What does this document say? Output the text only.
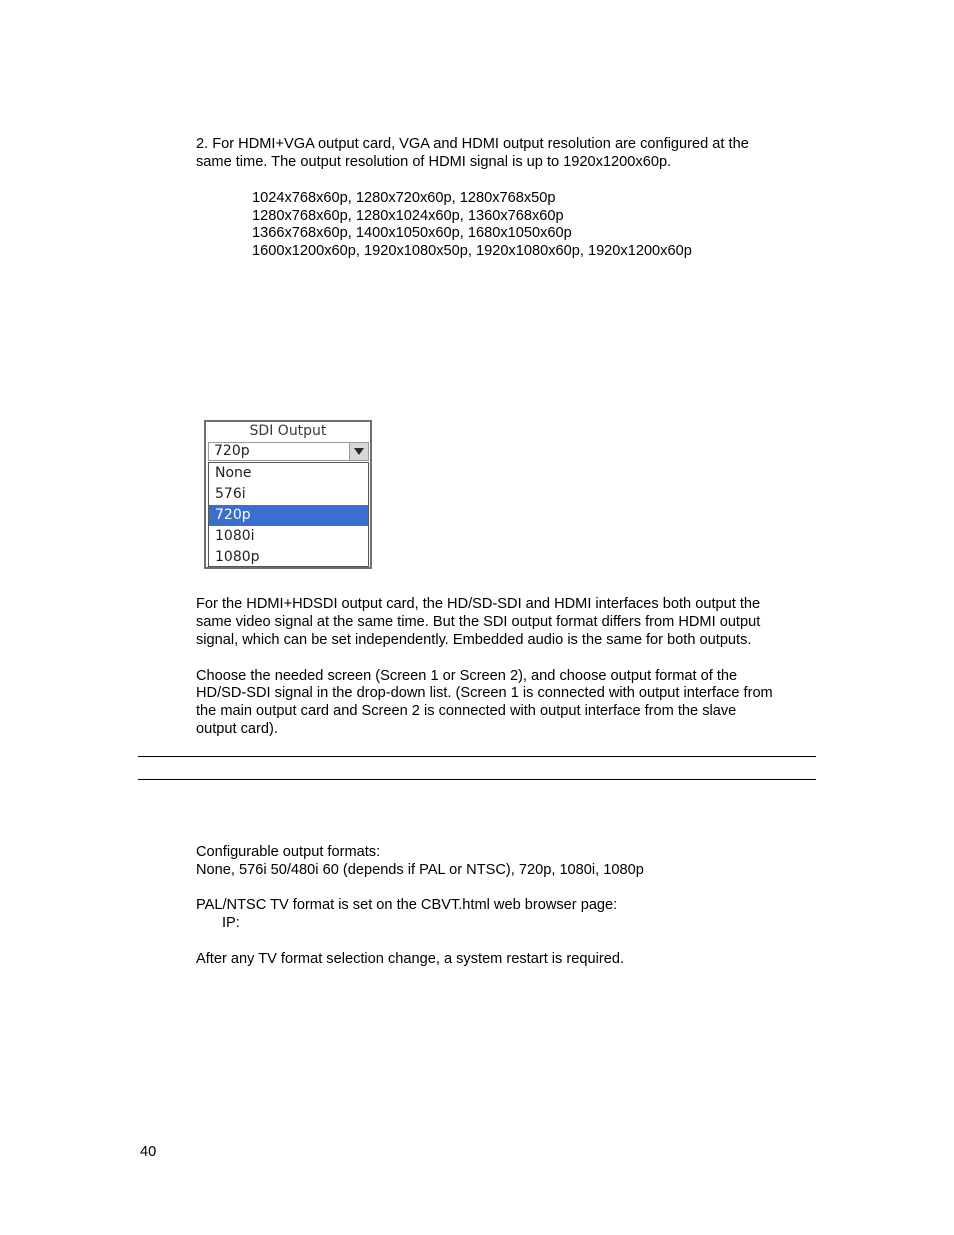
2. For HDMI+VGA output card, VGA and HDMI output resolution are configured at the

same time. The output resolution of HDMI signal is up to 1920x1200x60p.

1024x768x60p, 1280x720x60p, 1280x768x50p

1280x768x60p, 1280x1024x60p, 1360x768x60p

1366x768x60p, 1400x1050x60p, 1680x1050x60p

1600x1200x60p, 1920x1080x50p, 1920x1080x60p, 1920x1200x60p

SDI Output
720p
None
576i
720p
1080i
1080p

For the HDMI+HDSDI output card, the HD/SD-SDI and HDMI interfaces both output the

same video signal at the same time. But the SDI output format differs from HDMI output

signal, which can be set independently. Embedded audio is the same for both outputs.

Choose the needed screen (Screen 1 or Screen 2), and choose output format of the

HD/SD-SDI signal in the drop-down list. (Screen 1 is connected with output interface from

the main output card and Screen 2 is connected with output interface from the slave

output card).

Configurable output formats:

None, 576i 50/480i 60 (depends if PAL or NTSC), 720p, 1080i, 1080p

PAL/NTSC TV format is set on the CBVT.html web browser page:

IP:

After any TV format selection change, a system restart is required.

40
